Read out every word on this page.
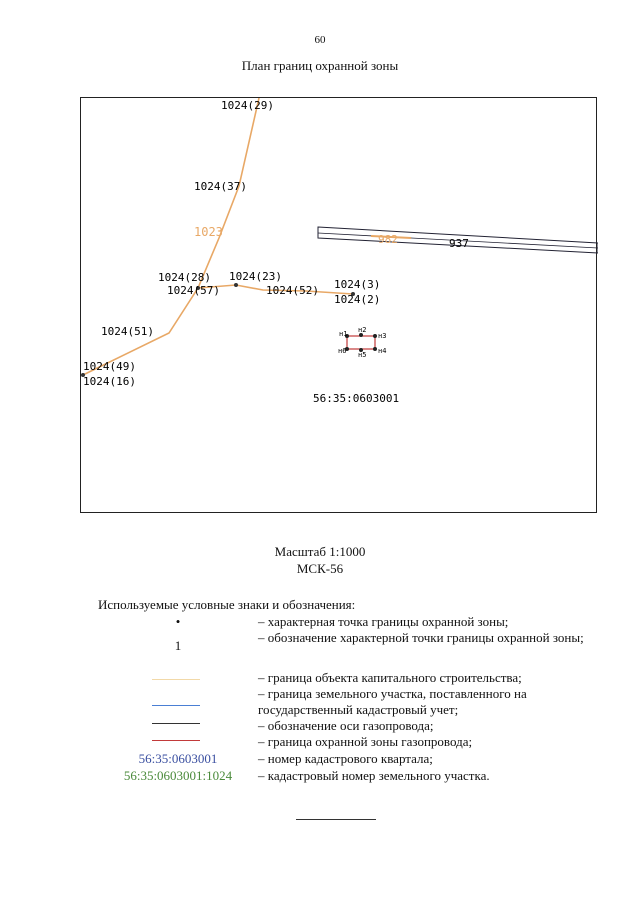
60
План границ охранной зоны
1024(29)
1024(37)
1023
1024(28) 1024(23)
1024(57)	1024(52) 1024(3)
1024(2)
1024(51)
1024(49)
1024(16)
56:35:0603001
982	937
н1 н2
н3
н4
н5
н6
Масштаб 1:1000
МСК-56
Используемые условные знаки и обозначения:
•	– характерная точка границы охранной зоны;
1
– обозначение характерной точки границы охранной зоны;
– граница объекта капитального строительства;
– граница земельного участка, поставленного на государственный кадастровый учет;
– обозначение оси газопровода;
– граница охранной зоны газопровода;
56:35:0603001	– номер кадастрового квартала;
56:35:0603001:1024	– кадастровый номер земельного участка.
